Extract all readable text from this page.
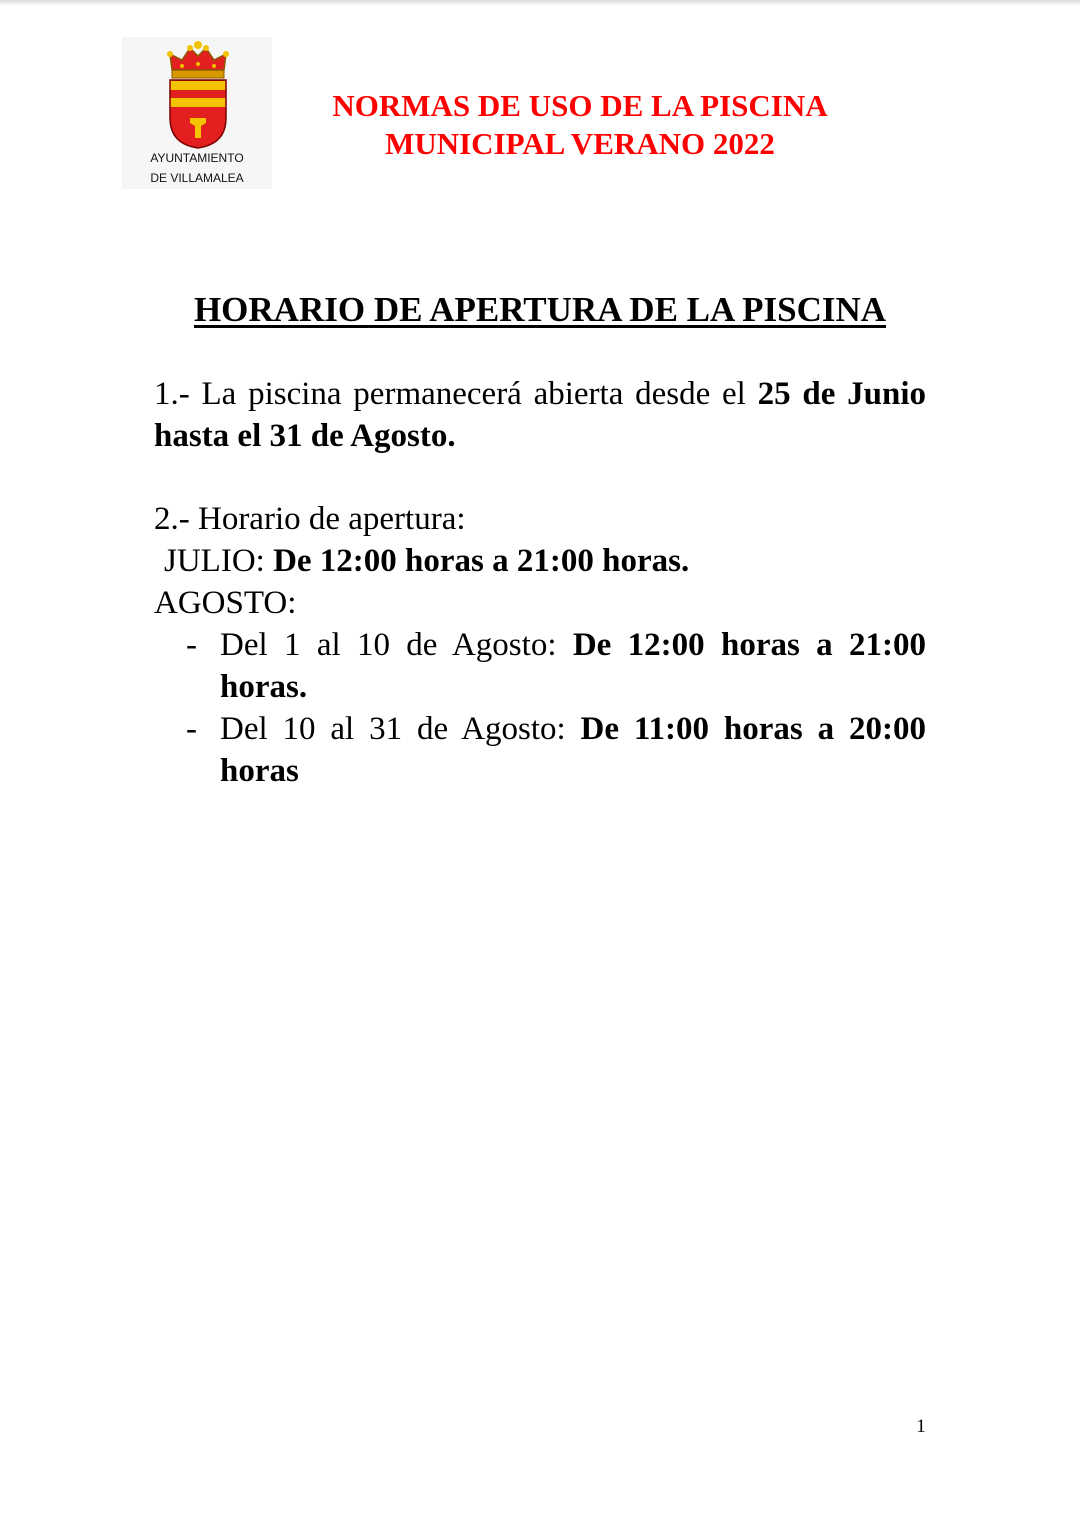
AYUNTAMIENTO
DE VILLAMALEA
NORMAS DE USO DE LA PISCINA
MUNICIPAL VERANO 2022
HORARIO DE APERTURA DE LA PISCINA
1.- La piscina permanecerá abierta desde el 25 de Junio hasta el 31 de Agosto.
2.- Horario de apertura:
JULIO: De 12:00 horas a 21:00 horas.
AGOSTO:
- Del 1 al 10 de Agosto: De 12:00 horas a 21:00 horas.
- Del 10 al 31 de Agosto: De 11:00 horas a 20:00 horas
1
